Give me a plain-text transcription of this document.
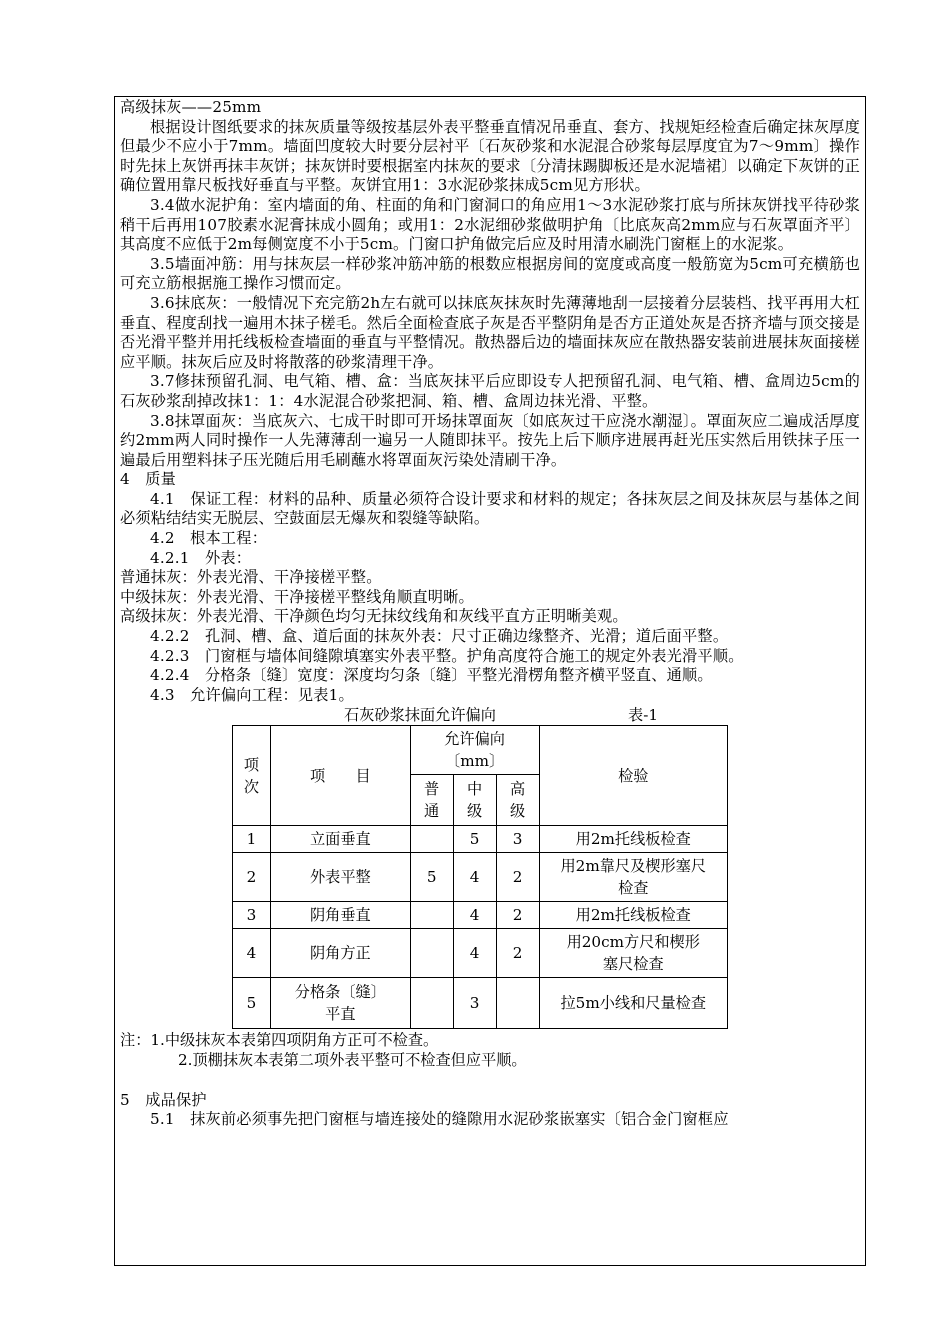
高级抹灰——25mm

根据设计图纸要求的抹灰质量等级按基层外表平整垂直情况吊垂直、套方、找规矩经检查后确定抹灰厚度但最少不应小于7mm。墙面凹度较大时要分层衬平〔石灰砂浆和水泥混合砂浆每层厚度宜为7～9mm〕操作时先抹上灰饼再抹丰灰饼；抹灰饼时要根据室内抹灰的要求〔分清抹踢脚板还是水泥墙裙〕以确定下灰饼的正确位置用靠尺板找好垂直与平整。灰饼宜用1：3水泥砂浆抹成5cm见方形状。

3.4做水泥护角：室内墙面的角、柱面的角和门窗洞口的角应用1～3水泥砂浆打底与所抹灰饼找平待砂浆稍干后再用107胶素水泥膏抹成小圆角；或用1：2水泥细砂浆做明护角〔比底灰高2mm应与石灰罩面齐平〕其高度不应低于2m每侧宽度不小于5cm。门窗口护角做完后应及时用清水刷洗门窗框上的水泥浆。

3.5墙面冲筋：用与抹灰层一样砂浆冲筋冲筋的根数应根据房间的宽度或高度一般筋宽为5cm可充横筋也可充立筋根据施工操作习惯而定。

3.6抹底灰：一般情况下充完筋2h左右就可以抹底灰抹灰时先薄薄地刮一层接着分层装档、找平再用大杠垂直、程度刮找一遍用木抹子槎毛。然后全面检查底子灰是否平整阴角是否方正道处灰是否挤齐墙与顶交接是否光滑平整并用托线板检查墙面的垂直与平整情况。散热器后边的墙面抹灰应在散热器安装前进展抹灰面接槎应平顺。抹灰后应及时将散落的砂浆清理干净。

3.7修抹预留孔洞、电气箱、槽、盒：当底灰抹平后应即设专人把预留孔洞、电气箱、槽、盒周边5cm的石灰砂浆刮掉改抹1：1：4水泥混合砂浆把洞、箱、槽、盒周边抹光滑、平整。

3.8抹罩面灰：当底灰六、七成干时即可开场抹罩面灰〔如底灰过干应浇水潮湿〕。罩面灰应二遍成活厚度约2mm两人同时操作一人先薄薄刮一遍另一人随即抹平。按先上后下顺序进展再赶光压实然后用铁抹子压一遍最后用塑料抹子压光随后用毛刷蘸水将罩面灰污染处清刷干净。

4　质量

4.1　保证工程：材料的品种、质量必须符合设计要求和材料的规定；各抹灰层之间及抹灰层与基体之间必须粘结结实无脱层、空鼓面层无爆灰和裂缝等缺陷。

4.2　根本工程：

4.2.1　外表：

普通抹灰：外表光滑、干净接槎平整。

中级抹灰：外表光滑、干净接槎平整线角顺直明晰。

高级抹灰：外表光滑、干净颜色均匀无抹纹线角和灰线平直方正明晰美观。

4.2.2　孔洞、槽、盒、道后面的抹灰外表：尺寸正确边缘整齐、光滑；道后面平整。

4.2.3　门窗框与墙体间缝隙填塞实外表平整。护角高度符合施工的规定外表光滑平顺。

4.2.4　分格条〔缝〕宽度：深度均匀条〔缝〕平整光滑楞角整齐横平竖直、通顺。

4.3　允许偏向工程：见表1。

石灰砂浆抹面允许偏向	表-1
项次	项　　目	允许偏向〔mm〕			检验
		普通	中级	高级	
1	立面垂直		5	3	用2m托线板检查
2	外表平整	5	4	2	用2m靠尺及楔形塞尺检查
3	阴角垂直		4	2	用2m托线板检查
4	阴角方正		4	2	用20cm方尺和楔形塞尺检查
5	分格条〔缝〕平直		3		拉5m小线和尺量检查

注：1.中级抹灰本表第四项阴角方正可不检查。

2.顶棚抹灰本表第二项外表平整可不检查但应平顺。

5　成品保护

5.1　抹灰前必须事先把门窗框与墙连接处的缝隙用水泥砂浆嵌塞实〔铝合金门窗框应
